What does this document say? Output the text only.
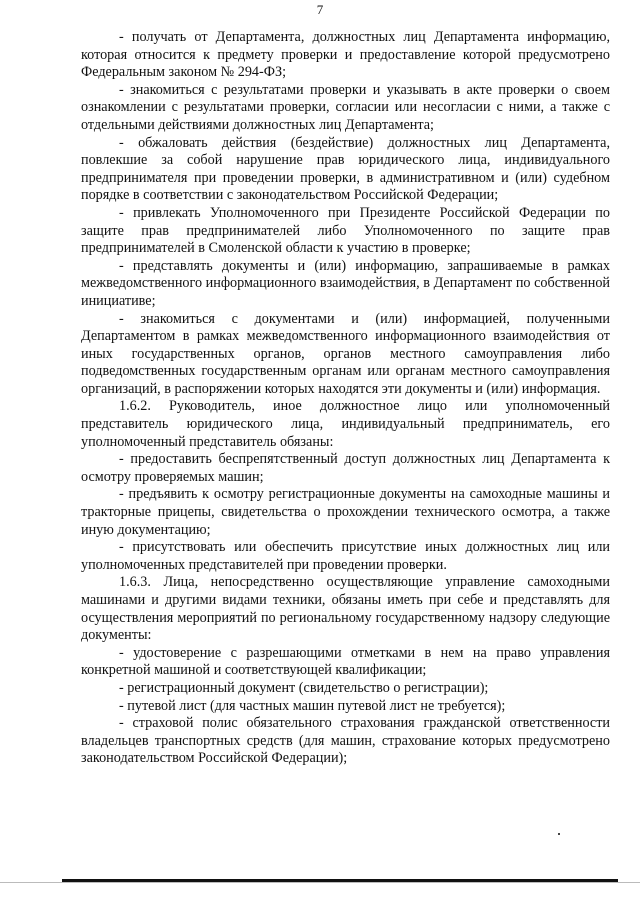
7

- получать от Департамента, должностных лиц Департамента информацию, которая относится к предмету проверки и предоставление которой предусмотрено Федеральным законом № 294-ФЗ;

- знакомиться с результатами проверки и указывать в акте проверки о своем ознакомлении с результатами проверки, согласии или несогласии с ними, а также с отдельными действиями должностных лиц Департамента;

- обжаловать действия (бездействие) должностных лиц Департамента, повлекшие за собой нарушение прав юридического лица, индивидуального предпринимателя при проведении проверки, в административном и (или) судебном порядке в соответствии с законодательством Российской Федерации;

- привлекать Уполномоченного при Президенте Российской Федерации по защите прав предпринимателей либо Уполномоченного по защите прав предпринимателей в Смоленской области к участию в проверке;

- представлять документы и (или) информацию, запрашиваемые в рамках межведомственного информационного взаимодействия, в Департамент по собственной инициативе;

- знакомиться с документами и (или) информацией, полученными Департаментом в рамках межведомственного информационного взаимодействия от иных государственных органов, органов местного самоуправления либо подведомственных государственным органам или органам местного самоуправления организаций, в распоряжении которых находятся эти документы и (или) информация.

1.6.2. Руководитель, иное должностное лицо или уполномоченный представитель юридического лица, индивидуальный предприниматель, его уполномоченный представитель обязаны:

- предоставить беспрепятственный доступ должностных лиц Департамента к осмотру проверяемых машин;

- предъявить к осмотру регистрационные документы на самоходные машины и тракторные прицепы, свидетельства о прохождении технического осмотра, а также иную документацию;

- присутствовать или обеспечить присутствие иных должностных лиц или уполномоченных представителей при проведении проверки.

1.6.3. Лица, непосредственно осуществляющие управление самоходными машинами и другими видами техники, обязаны иметь при себе и представлять для осуществления мероприятий по региональному государственному надзору следующие документы:

- удостоверение с разрешающими отметками в нем на право управления конкретной машиной и соответствующей квалификации;

- регистрационный документ (свидетельство о регистрации);

- путевой лист (для частных машин путевой лист не требуется);

- страховой полис обязательного страхования гражданской ответственности владельцев транспортных средств (для машин, страхование которых предусмотрено законодательством Российской Федерации);
